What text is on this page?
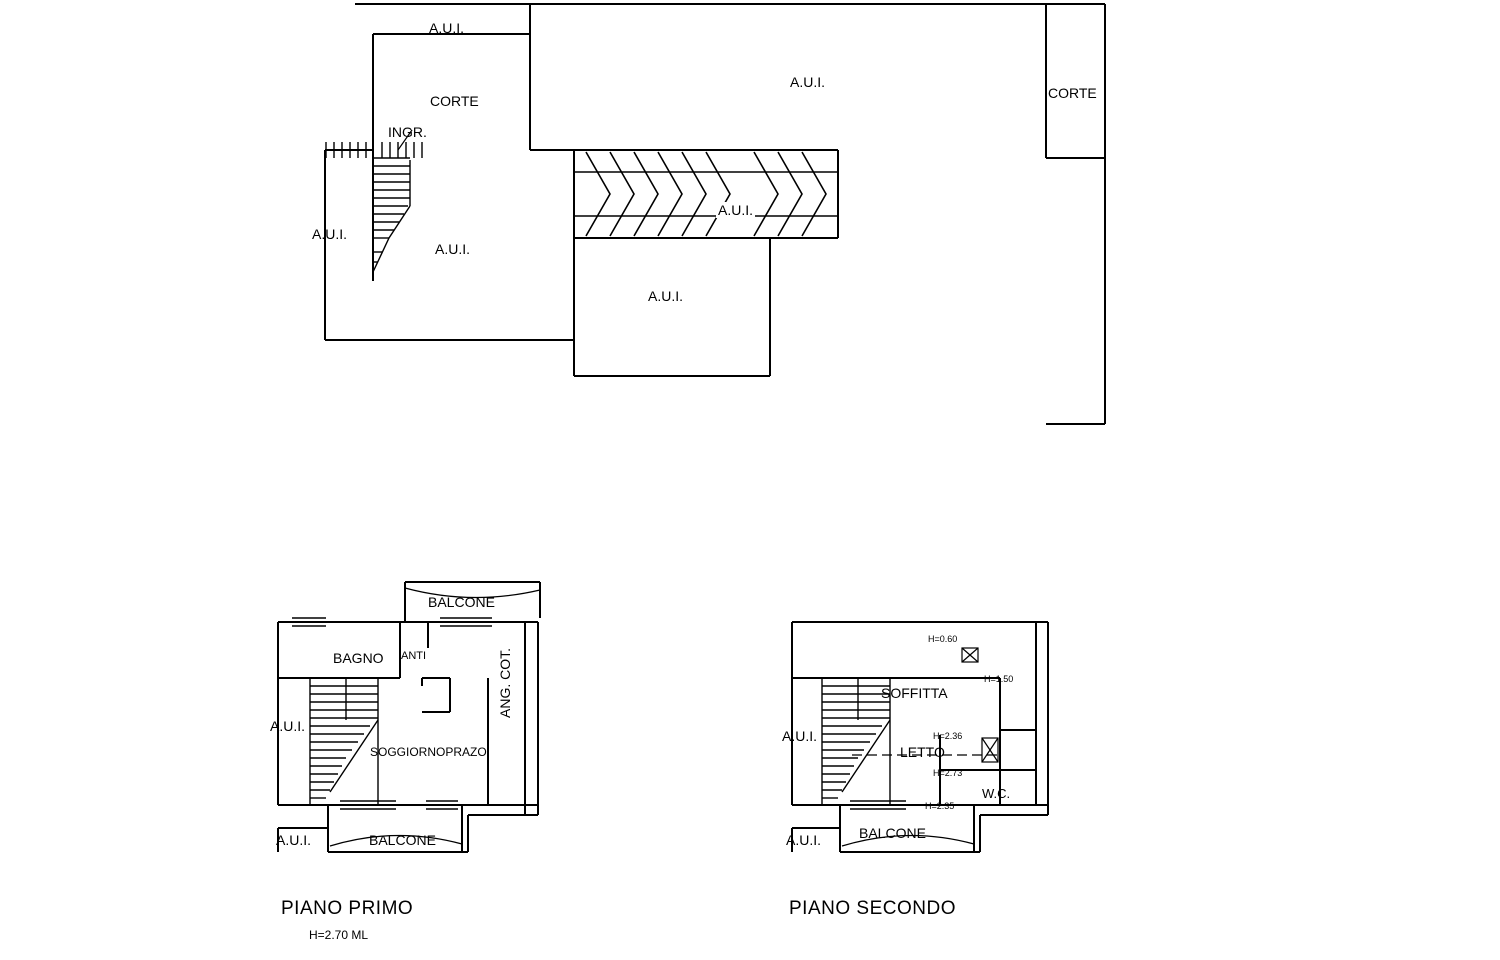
A.U.I.
CORTE	CORTE
A.U.I.
INGR.
A.U.I.
A.U.I.
A.U.I.
A.U.I.
BALCONE
BAGNO ANTI
A.U.I.
SOGGIORNOPRAZO
ANG. COT.
BALCONE
A.U.I.
PIANO PRIMO
H=2.70 ML
H=0.60
H=1.50
SOFFITTA
H=2.36
LETTO
H=2.73
H=2.35
W.C.
A.U.I.
BALCONE
A.U.I.
PIANO SECONDO
